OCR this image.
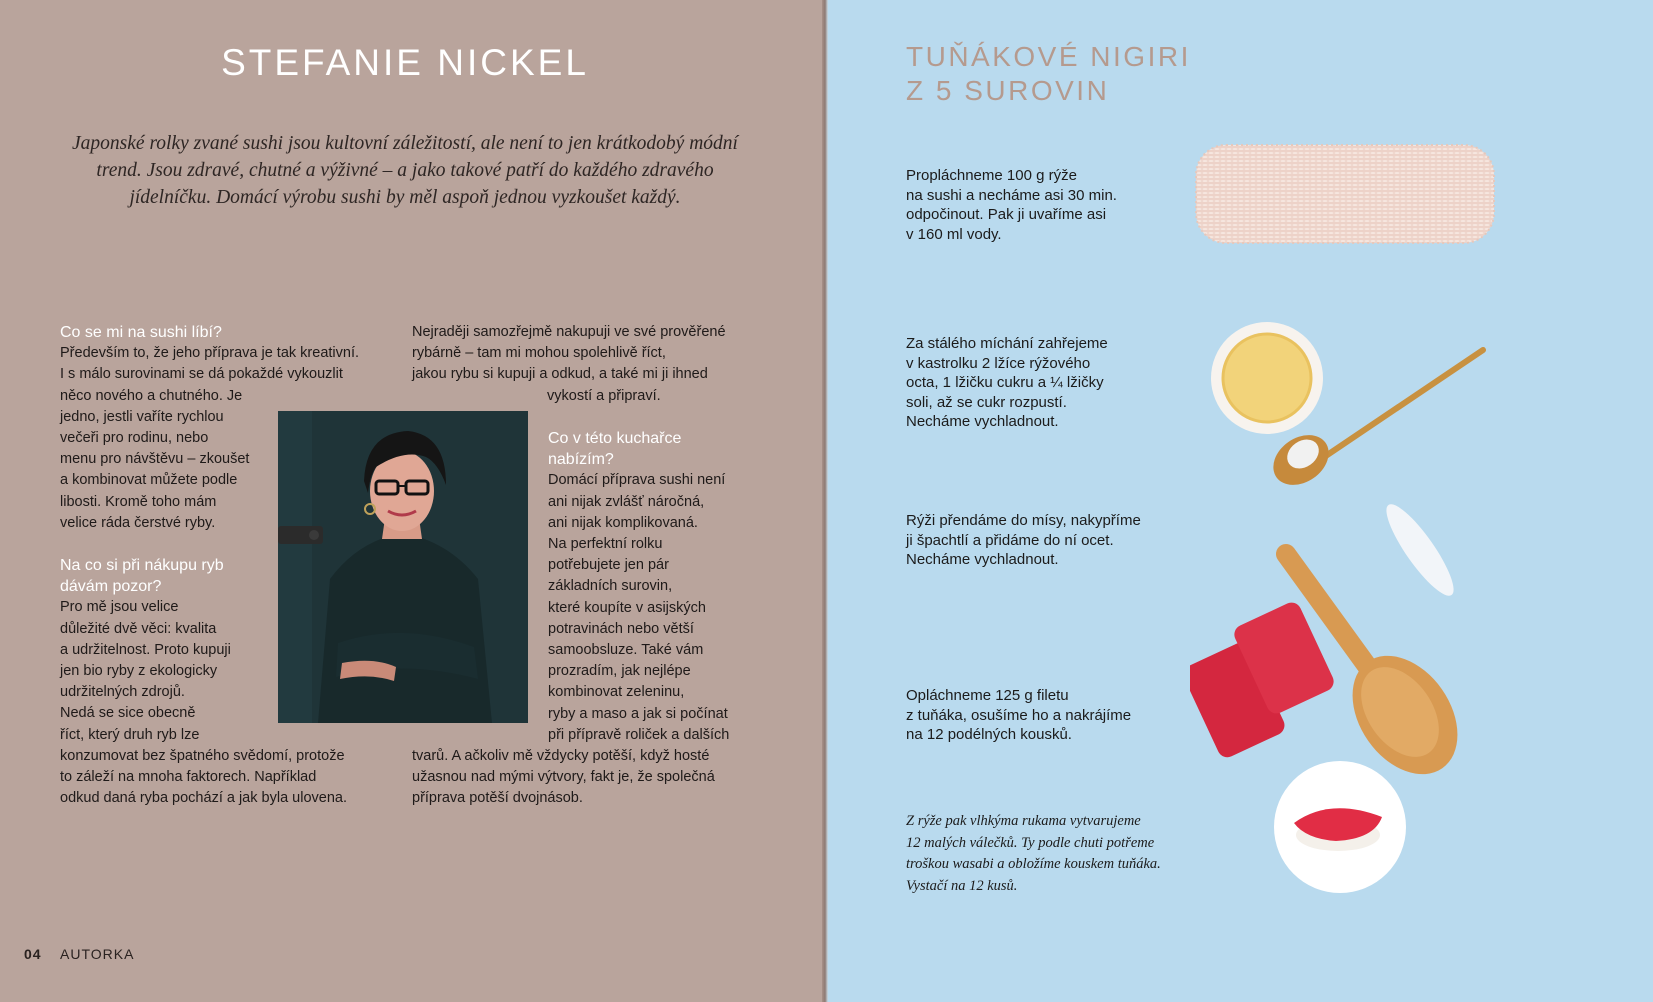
STEFANIE NICKEL
Japonské rolky zvané sushi jsou kultovní záležitostí, ale není to jen krátkodobý módní
trend. Jsou zdravé, chutné a výživné – a jako takové patří do každého zdravého
jídelníčku. Domácí výrobu sushi by měl aspoň jednou vyzkoušet každý.
Co se mi na sushi líbí?

Především to, že jeho příprava je tak kreativní.

I s málo surovinami se dá pokaždé vykouzlit

něco nového a chutného. Je

jedno, jestli vaříte rychlou

večeři pro rodinu, nebo

menu pro návštěvu – zkoušet

a kombinovat můžete podle

libosti. Kromě toho mám

velice ráda čerstvé ryby.

Na co si při nákupu ryb
dávám pozor?

Pro mě jsou velice

důležité dvě věci: kvalita

a udržitelnost. Proto kupuji

jen bio ryby z ekologicky

udržitelných zdrojů.

Nedá se sice obecně

říct, který druh ryb lze

konzumovat bez špatného svědomí, protože

to záleží na mnoha faktorech. Například

odkud daná ryba pochází a jak byla ulovena.

Nejraději samozřejmě nakupuji ve své prověřené

rybárně – tam mi mohou spolehlivě říct,

jakou rybu si kupuji a odkud, a také mi ji ihned

vykostí a připraví.

Co v této kuchařce
nabízím?

Domácí příprava sushi není

ani nijak zvlášť náročná,

ani nijak komplikovaná.

Na perfektní rolku

potřebujete jen pár

základních surovin,

které koupíte v asijských

potravinách nebo větší

samoobsluze. Také vám

prozradím, jak nejlépe

kombinovat zeleninu,

ryby a maso a jak si počínat

při přípravě roliček a dalších

tvarů. A ačkoliv mě vždycky potěší, když hosté

užasnou nad mými výtvory, fakt je, že společná

příprava potěší dvojnásob.

04 AUTORKA
TUŇÁKOVÉ NIGIRI
Z 5 SUROVIN
Propláchneme 100 g rýže
na sushi a necháme asi 30 min.
odpočinout. Pak ji uvaříme asi
v 160 ml vody.
Za stálého míchání zahřejeme
v kastrolku 2 lžíce rýžového
octa, 1 lžičku cukru a ¼ lžičky
soli, až se cukr rozpustí.
Necháme vychladnout.
Rýži přendáme do mísy, nakypříme
ji špachtlí a přidáme do ní ocet.
Necháme vychladnout.
Opláchneme 125 g filetu
z tuňáka, osušíme ho a nakrájíme
na 12 podélných kousků.
Z rýže pak vlhkýma rukama vytvarujeme
12 malých válečků. Ty podle chuti potřeme
troškou wasabi a obložíme kouskem tuňáka.
Vystačí na 12 kusů.
